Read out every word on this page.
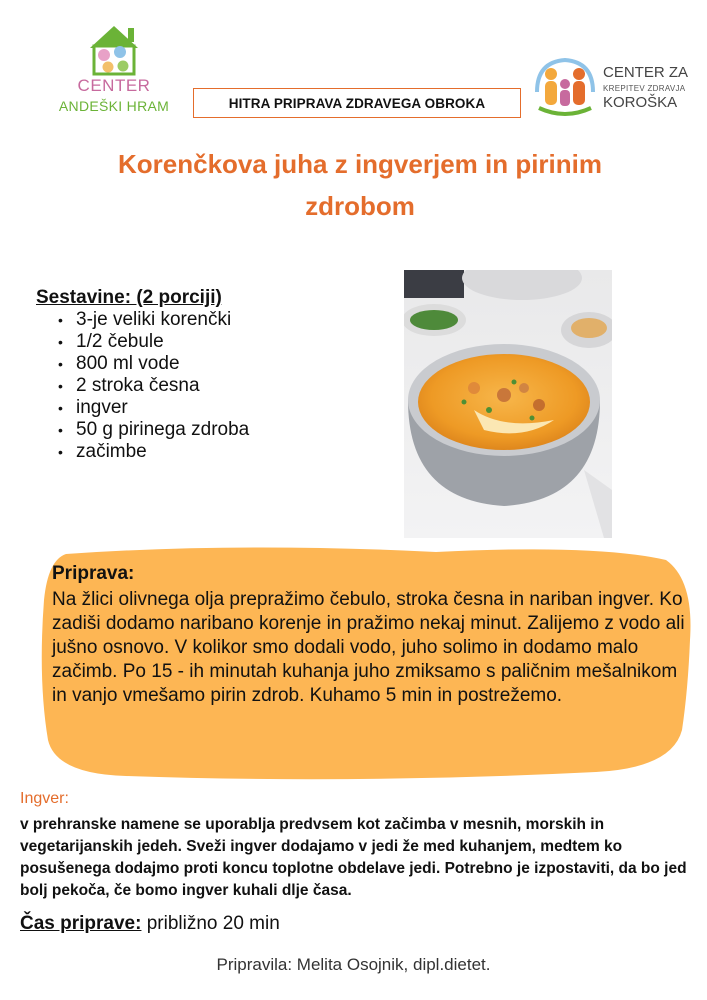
CENTER
ANDEŠKI HRAM	HITRA PRIPRAVA ZDRAVEGA OBROKA
CENTER ZA
KREPITEV ZDRAVJA
KOROŠKA
Korenčkova juha z ingverjem in pirinim zdrobom
Sestavine: (2 porciji)
• 3-je veliki korenčki
• 1/2 čebule
• 800 ml vode
• 2 stroka česna
• ingver
• 50 g pirinega zdroba
• začimbe
Priprava:
Na žlici olivnega olja prepražimo čebulo, stroka česna in nariban ingver. Ko zadiši dodamo naribano korenje in pražimo nekaj minut. Zalijemo z vodo ali jušno osnovo. V kolikor smo dodali vodo, juho solimo in dodamo malo začimb. Po 15 - ih minutah kuhanja juho zmiksamo s paličnim mešalnikom in vanjo vmešamo pirin zdrob. Kuhamo 5 min in postrežemo.
Ingver:
v prehranske namene se uporablja predvsem kot začimba v mesnih, morskih in vegetarijanskih jedeh. Sveži ingver dodajamo v jedi že med kuhanjem, medtem ko posušenega dodajmo proti koncu toplotne obdelave jedi. Potrebno je izpostaviti, da bo jed bolj pekoča, če bomo ingver kuhali dlje časa.
Čas priprave: približno 20 min
Pripravila: Melita Osojnik, dipl.dietet.
